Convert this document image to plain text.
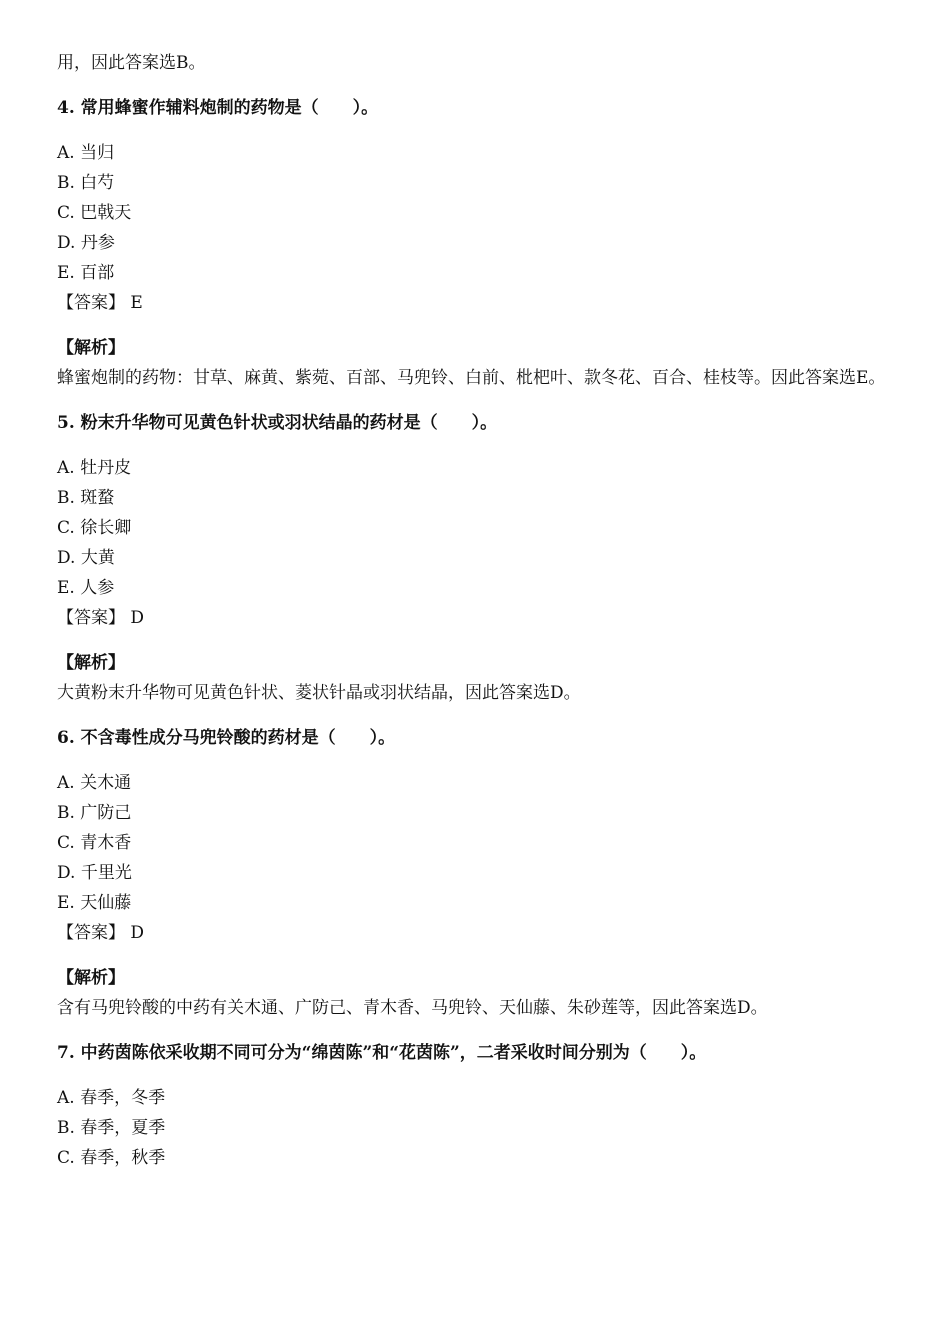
用，因此答案选B。
4. 常用蜂蜜作辅料炮制的药物是（　　）。
A. 当归
B. 白芍
C. 巴戟天
D. 丹参
E. 百部
【答案】 E
【解析】
蜂蜜炮制的药物：甘草、麻黄、紫菀、百部、马兜铃、白前、枇杷叶、款冬花、百合、桂枝等。因此答案选E。
5. 粉末升华物可见黄色针状或羽状结晶的药材是（　　）。
A. 牡丹皮
B. 斑蝥
C. 徐长卿
D. 大黄
E. 人参
【答案】 D
【解析】
大黄粉末升华物可见黄色针状、菱状针晶或羽状结晶，因此答案选D。
6. 不含毒性成分马兜铃酸的药材是（　　）。
A. 关木通
B. 广防己
C. 青木香
D. 千里光
E. 天仙藤
【答案】 D
【解析】
含有马兜铃酸的中药有关木通、广防己、青木香、马兜铃、天仙藤、朱砂莲等，因此答案选D。
7. 中药茵陈依采收期不同可分为“绵茵陈”和“花茵陈”，二者采收时间分别为（　　）。
A. 春季，冬季
B. 春季，夏季
C. 春季，秋季
